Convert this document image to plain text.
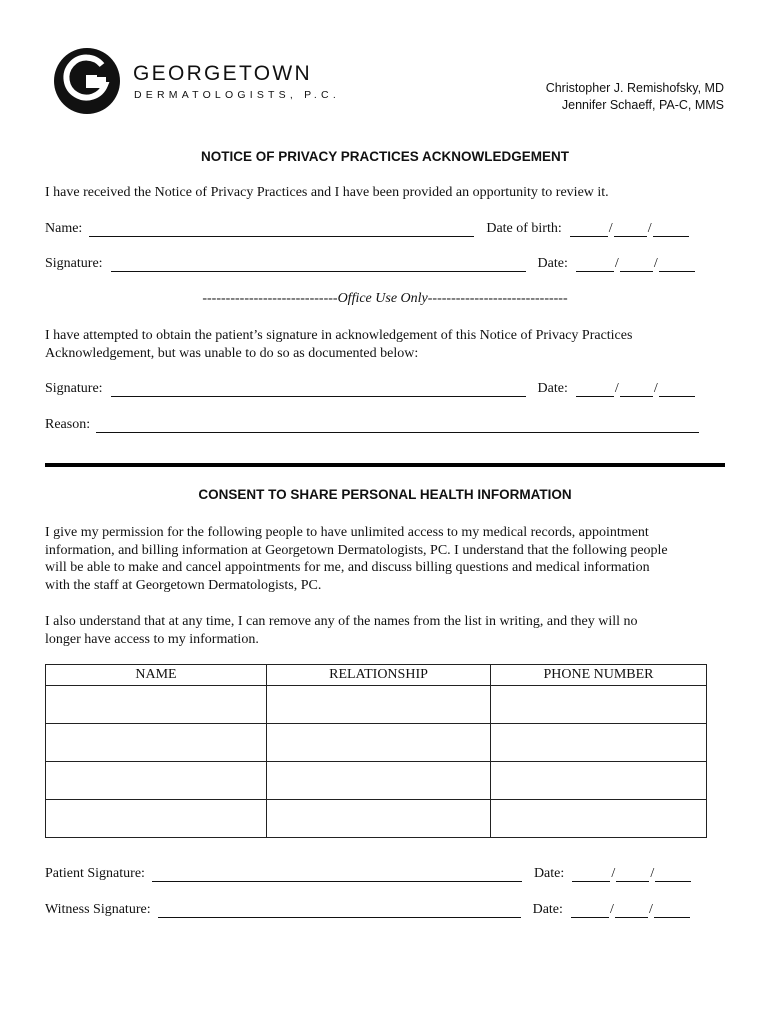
GEORGETOWN
DERMATOLOGISTS, P.C.	Christopher J. Remishofsky, MD
Jennifer Schaeff, PA-C, MMS
NOTICE OF PRIVACY PRACTICES ACKNOWLEDGEMENT
I have received the Notice of Privacy Practices and I have been provided an opportunity to review it.
Name:	Date of birth:	/	/
Signature:	Date:	/	/
-----------------------------Office Use Only------------------------------
I have attempted to obtain the patient’s signature in acknowledgement of this Notice of Privacy Practices
Acknowledgement, but was unable to do so as documented below:
Signature:	Date:	/	/
Reason:
CONSENT TO SHARE PERSONAL HEALTH INFORMATION
I give my permission for the following people to have unlimited access to my medical records, appointment
information, and billing information at Georgetown Dermatologists, PC. I understand that the following people
will be able to make and cancel appointments for me, and discuss billing questions and medical information
with the staff at Georgetown Dermatologists, PC.
I also understand that at any time, I can remove any of the names from the list in writing, and they will no
longer have access to my information.
NAME	RELATIONSHIP	PHONE NUMBER

Patient Signature:	Date:	/	/
Witness Signature:	Date:	/	/
